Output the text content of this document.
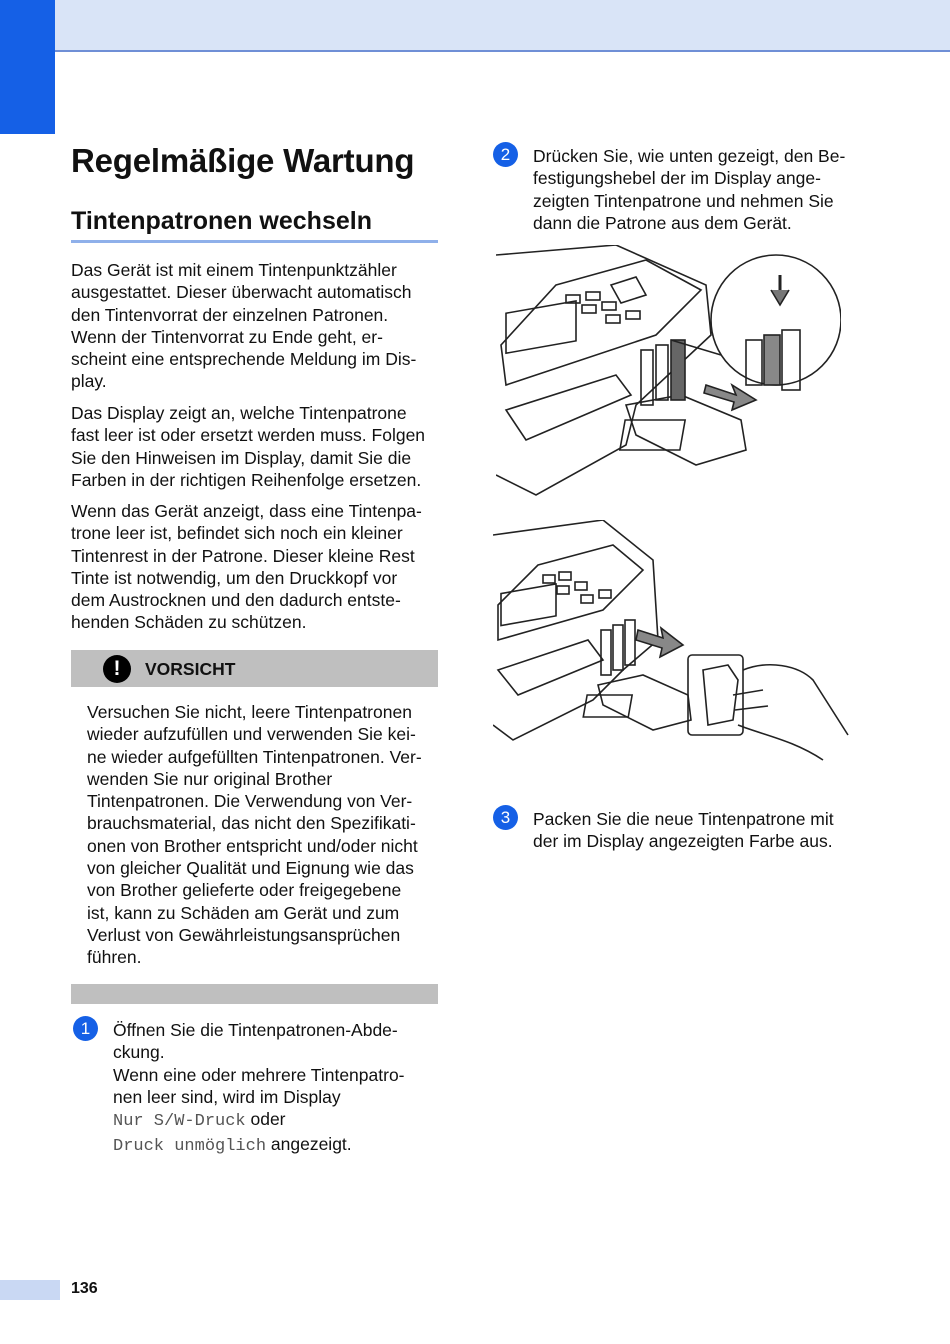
Regelmäßige Wartung
Tintenpatronen wechseln

Das Gerät ist mit einem Tintenpunktzähler
ausgestattet. Dieser überwacht automatisch
den Tintenvorrat der einzelnen Patronen.
Wenn der Tintenvorrat zu Ende geht, er-
scheint eine entsprechende Meldung im Dis-
play.

Das Display zeigt an, welche Tintenpatrone
fast leer ist oder ersetzt werden muss. Folgen
Sie den Hinweisen im Display, damit Sie die
Farben in der richtigen Reihenfolge ersetzen.

Wenn das Gerät anzeigt, dass eine Tintenpa-
trone leer ist, befindet sich noch ein kleiner
Tintenrest in der Patrone. Dieser kleine Rest
Tinte ist notwendig, um den Druckkopf vor
dem Austrocknen und den dadurch entste-
henden Schäden zu schützen.

!	VORSICHT

Versuchen Sie nicht, leere Tintenpatronen
wieder aufzufüllen und verwenden Sie kei-
ne wieder aufgefüllten Tintenpatronen. Ver-
wenden Sie nur original Brother
Tintenpatronen. Die Verwendung von Ver-
brauchsmaterial, das nicht den Spezifikati-
onen von Brother entspricht und/oder nicht
von gleicher Qualität und Eignung wie das
von Brother gelieferte oder freigegebene
ist, kann zu Schäden am Gerät und zum
Verlust von Gewährleistungsansprüchen
führen.

1	Öffnen Sie die Tintenpatronen-Abde-
ckung.
Wenn eine oder mehrere Tintenpatro-
nen leer sind, wird im Display
Nur S/W-Druck oder
Druck unmöglich angezeigt.

2	Drücken Sie, wie unten gezeigt, den Be-
festigungshebel der im Display ange-
zeigten Tintenpatrone und nehmen Sie
dann die Patrone aus dem Gerät.

3	Packen Sie die neue Tintenpatrone mit
der im Display angezeigten Farbe aus.

136
